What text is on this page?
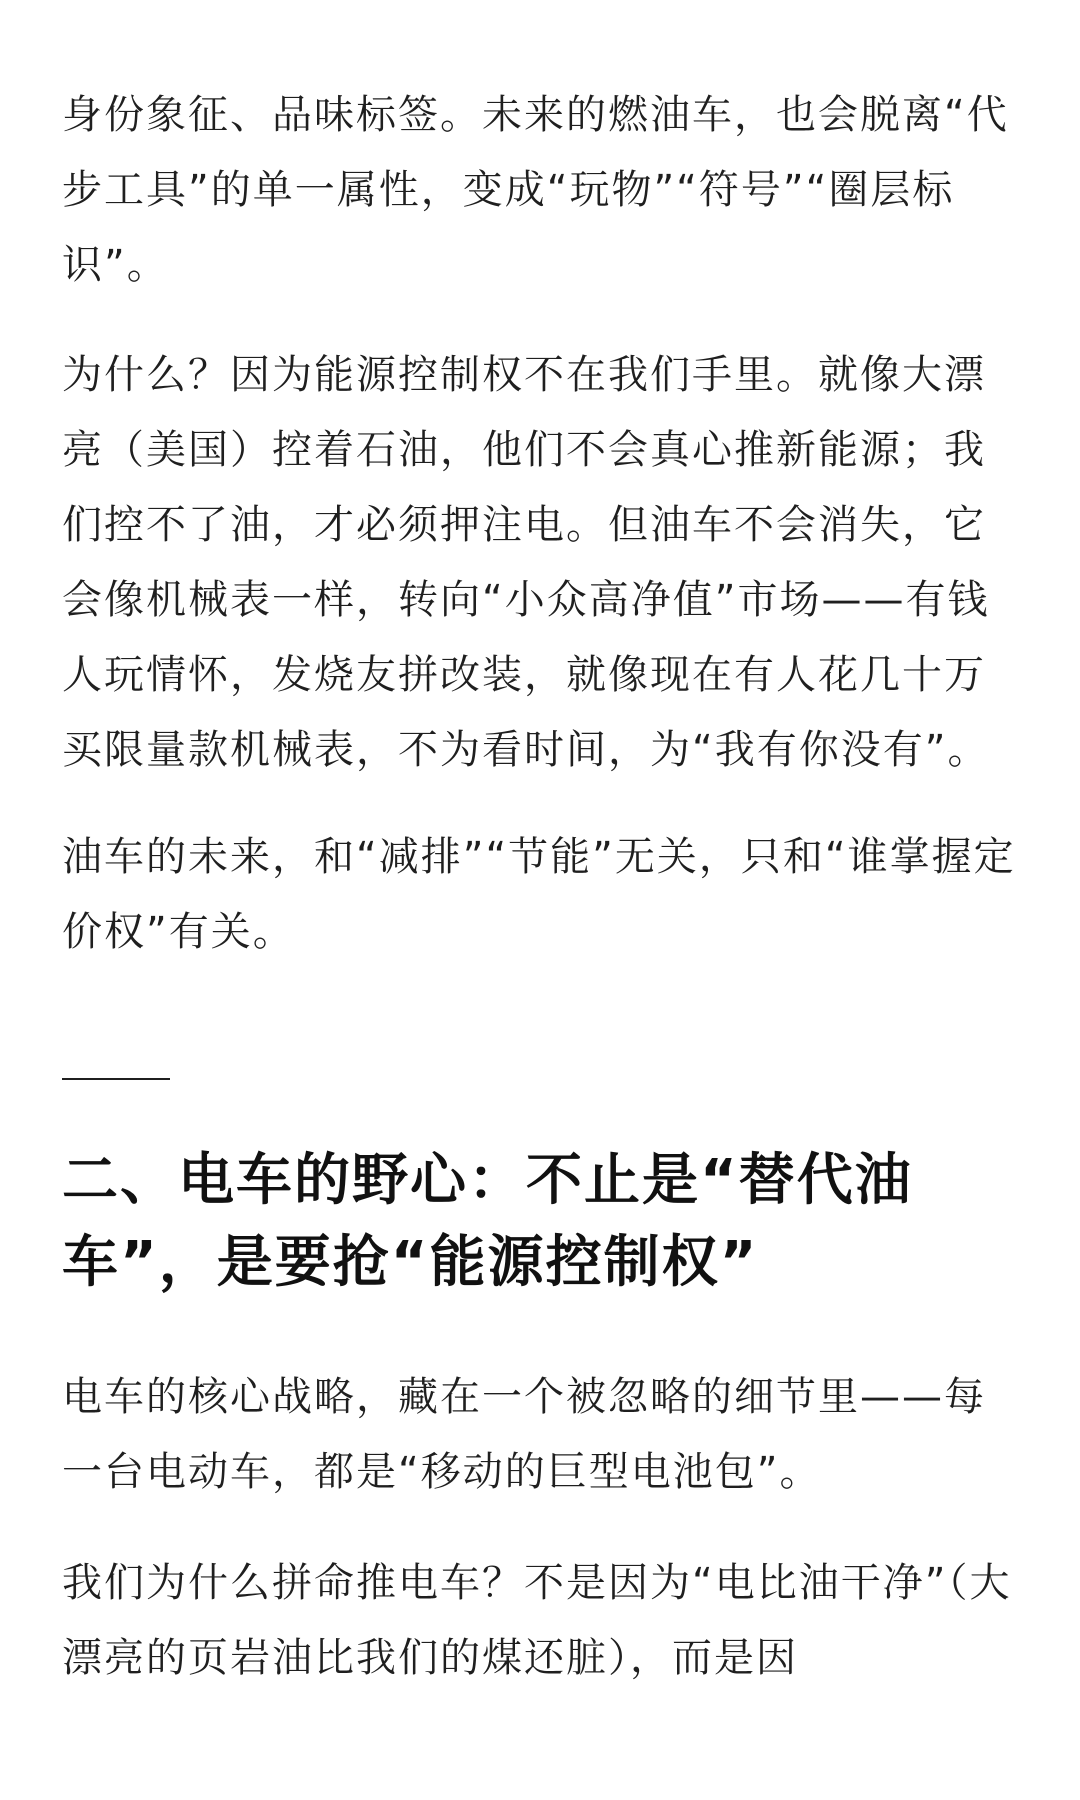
身份象征、品味标签。未来的燃油车，也会脱离“代步工具”的单一属性，变成“玩物”“符号”“圈层标识”。

为什么？因为能源控制权不在我们手里。就像大漂亮（美国）控着石油，他们不会真心推新能源；我们控不了油，才必须押注电。但油车不会消失，它会像机械表一样，转向“小众高净值”市场——有钱人玩情怀，发烧友拼改装，就像现在有人花几十万买限量款机械表，不为看时间，为“我有你没有”。

油车的未来，和“减排”“节能”无关，只和“谁掌握定价权”有关。

二、电车的野心：不止是“替代油车”，是要抢“能源控制权”

电车的核心战略，藏在一个被忽略的细节里——每一台电动车，都是“移动的巨型电池包”。

我们为什么拼命推电车？不是因为“电比油干净”（大漂亮的页岩油比我们的煤还脏），而是因
